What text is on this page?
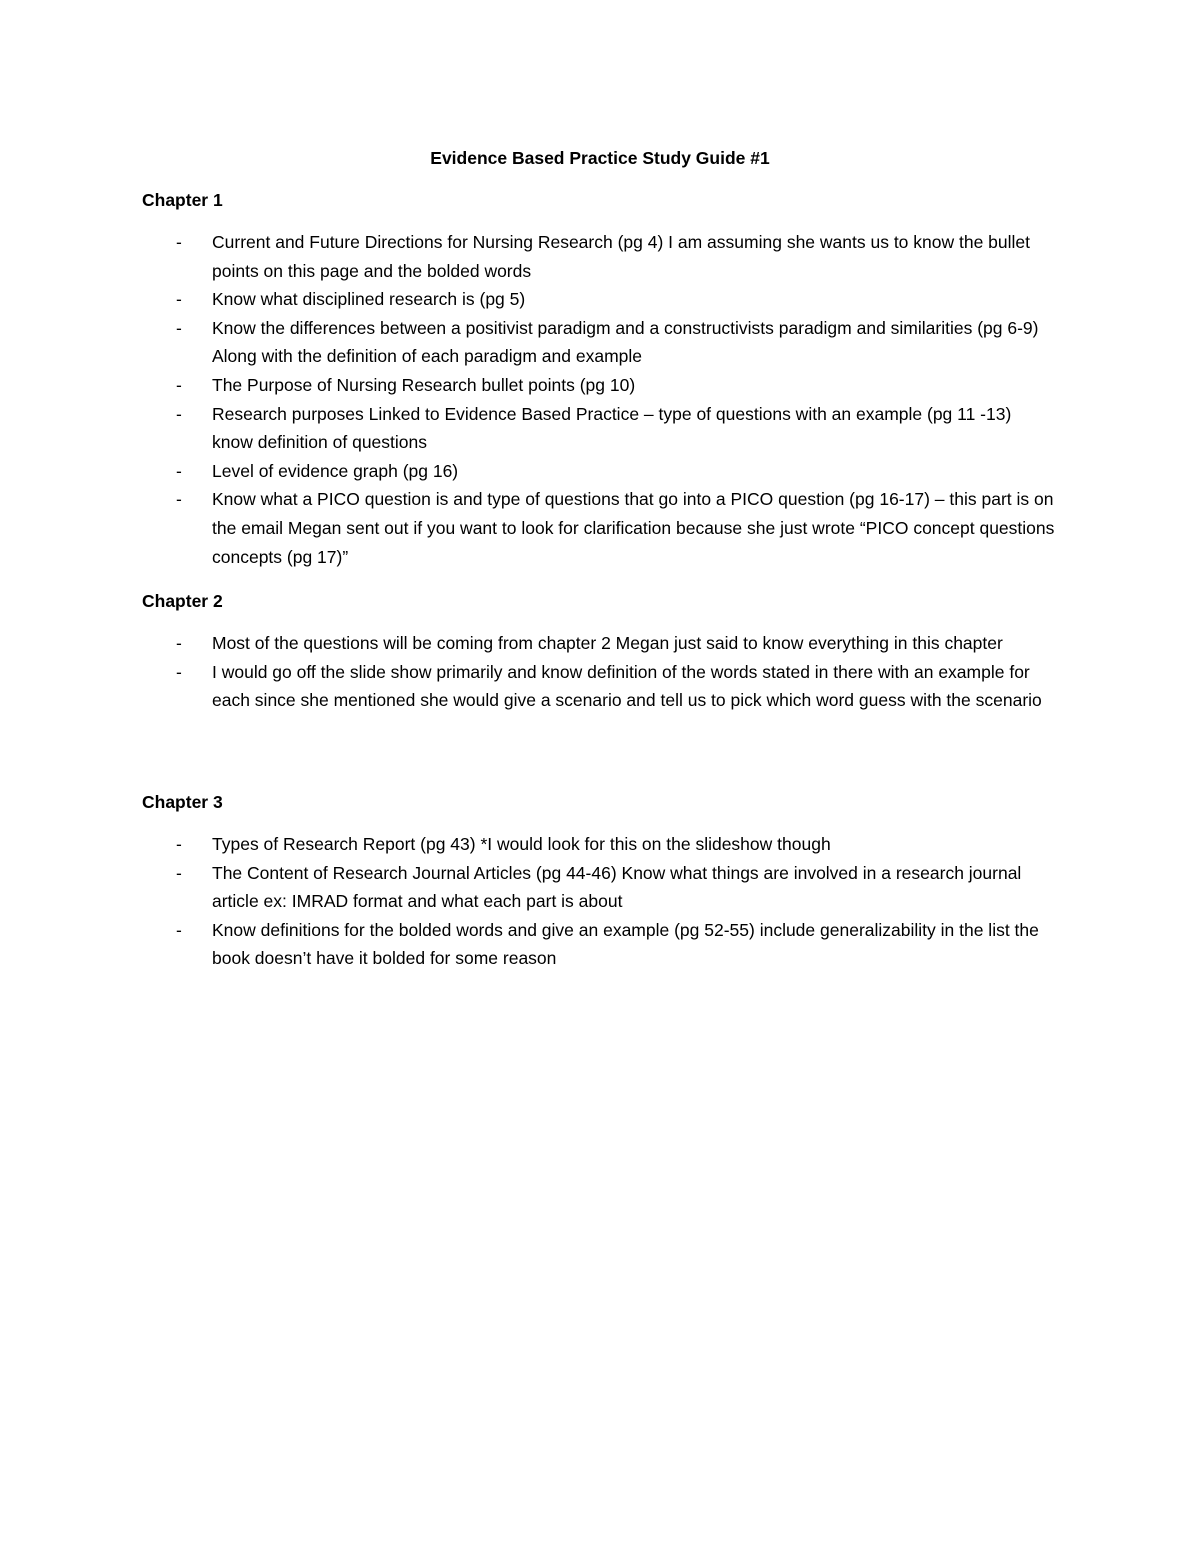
Evidence Based Practice Study Guide #1
Chapter 1
- Current and Future Directions for Nursing Research (pg 4) I am assuming she wants us to know the bullet points on this page and the bolded words
- Know what disciplined research is (pg 5)
- Know the differences between a positivist paradigm and a constructivists paradigm and similarities (pg 6-9) Along with the definition of each paradigm and example
- The Purpose of Nursing Research bullet points (pg 10)
- Research purposes Linked to Evidence Based Practice – type of questions with an example (pg 11 -13) know definition of questions
- Level of evidence graph (pg 16)
- Know what a PICO question is and type of questions that go into a PICO question (pg 16-17) – this part is on the email Megan sent out if you want to look for clarification because she just wrote “PICO concept questions concepts (pg 17)”
Chapter 2
- Most of the questions will be coming from chapter 2 Megan just said to know everything in this chapter
- I would go off the slide show primarily and know definition of the words stated in there with an example for each since she mentioned she would give a scenario and tell us to pick which word guess with the scenario
Chapter 3
- Types of Research Report (pg 43) *I would look for this on the slideshow though
- The Content of Research Journal Articles (pg 44-46) Know what things are involved in a research journal article ex: IMRAD format and what each part is about
- Know definitions for the bolded words and give an example (pg 52-55) include generalizability in the list the book doesn’t have it bolded for some reason
